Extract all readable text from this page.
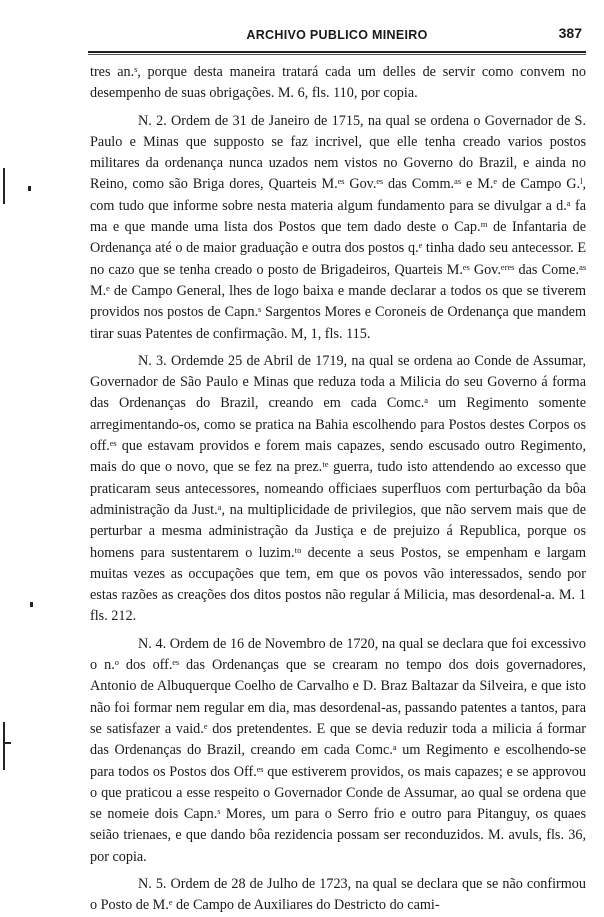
ARCHIVO PUBLICO MINEIRO	387

tres an.ˢ, porque desta maneira tratará cada um delles de servir como convem no desempenho de suas obrigações. M. 6, fls. 110, por copia.

N. 2. Ordem de 31 de Janeiro de 1715, na qual se ordena o Governador de S. Paulo e Minas que supposto se faz incrivel, que elle tenha creado varios postos militares da ordenança nunca uzados nem vistos no Governo do Brazil, e ainda no Reino, como são Briga dores, Quarteis M.ᵉˢ Gov.ᵉˢ das Comm.ᵃˢ e M.ᵉ de Campo G.ˡ, com tudo que informe sobre nesta materia algum fundamento para se divulgar a d.ᵃ fa ma e que mande uma lista dos Postos que tem dado deste o Cap.ᵐ de Infantaria de Ordenança até o de maior graduação e outra dos postos q.ᵉ tinha dado seu antecessor. E no cazo que se tenha creado o posto de Brigadeiros, Quarteis M.ᵉˢ Gov.ᵉʳᵉˢ das Come.ᵃˢ M.ᵉ de Campo General, lhes de logo baixa e mande declarar a todos os que se tiverem providos nos postos de Capn.ˢ Sargentos Mores e Coroneis de Ordenança que mandem tirar suas Patentes de confirmação. M, 1, fls. 115.

N. 3. Ordemde 25 de Abril de 1719, na qual se ordena ao Conde de Assumar, Governador de São Paulo e Minas que reduza toda a Milicia do seu Governo á forma das Ordenanças do Brazil, creando em cada Comc.ᵃ um Regimento somente arregimentando-os, como se pratica na Bahia escolhendo para Postos destes Corpos os off.ᵉˢ que estavam providos e forem mais capazes, sendo escusado outro Regimento, mais do que o novo, que se fez na prez.ᵗᵉ guerra, tudo isto attendendo ao excesso que praticaram seus antecessores, nomeando officiaes superfluos com perturbação da bôa administração da Just.ᵃ, na multiplicidade de privilegios, que não servem mais que de perturbar a mesma administração da Justiça e de prejuizo á Republica, porque os homens para sustentarem o luzim.ᵗᵒ decente a seus Postos, se empenham e largam muitas vezes as occupações que tem, em que os povos vão interessados, sendo por estas razões as creações dos ditos postos não regular á Milicia, mas desordenal-a. M. 1 fls. 212.

N. 4. Ordem de 16 de Novembro de 1720, na qual se declara que foi excessivo o n.ᵒ dos off.ᵉˢ das Ordenanças que se crearam no tempo dos dois governadores, Antonio de Albuquerque Coelho de Carvalho e D. Braz Baltazar da Silveira, e que isto não foi formar nem regular em dia, mas desordenal-as, passando patentes a tantos, para se satisfazer a vaid.ᵉ dos pretendentes. E que se devia reduzir toda a milicia á formar das Ordenanças do Brazil, creando em cada Comc.ᵃ um Regimento e escolhendo-se para todos os Postos dos Off.ᵉˢ que estiverem providos, os mais capazes; e se approvou o que praticou a esse respeito o Governador Conde de Assumar, ao qual se ordena que se nomeie dois Capn.ˢ Mores, um para o Serro frio e outro para Pitanguy, os quaes seião trienaes, e que dando bôa rezidencia possam ser reconduzidos. M. avuls, fls. 36, por copia.

N. 5. Ordem de 28 de Julho de 1723, na qual se declara que se não confirmou o Posto de M.ᵉ de Campo de Auxiliares do Destricto do cami-
